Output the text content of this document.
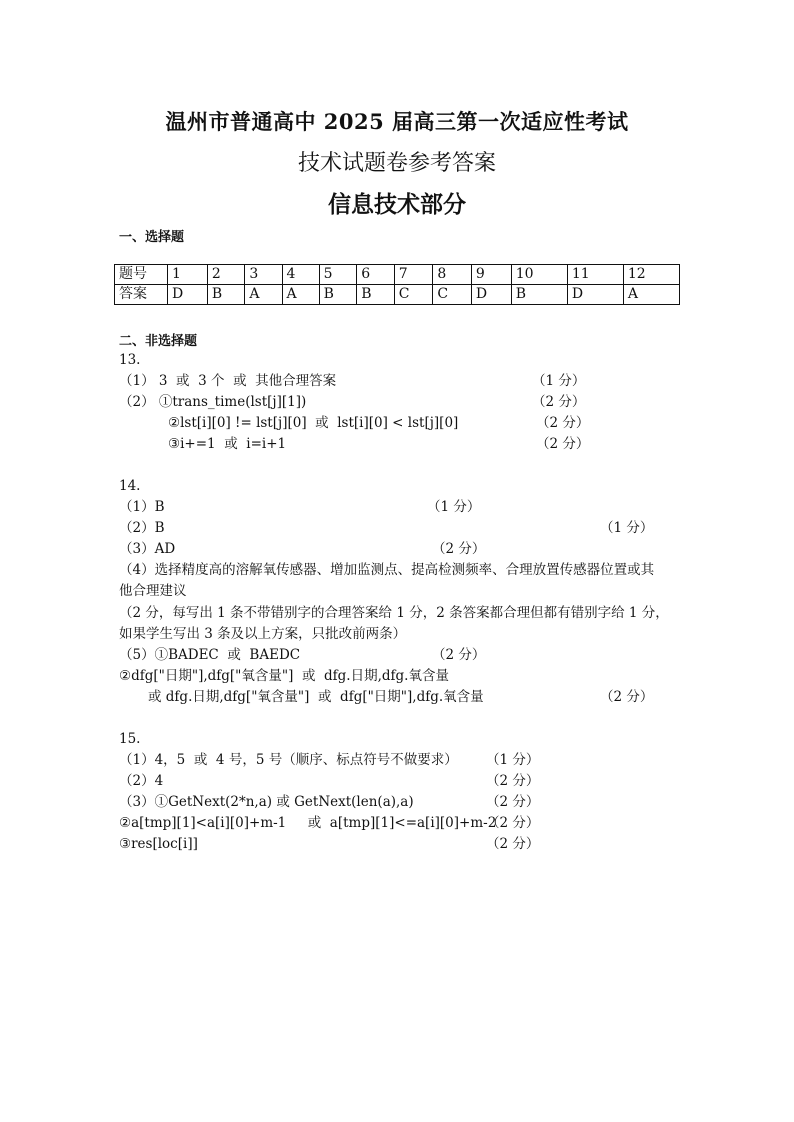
温州市普通高中 2025 届高三第一次适应性考试
技术试题卷参考答案
信息技术部分
一、选择题
题号	1	2	3	4	5	6	7	8	9	10	11	12
答案	D	B	A	A	B	B	C	C	D	B	D	A
二、非选择题
13.
（1） 3  或  3 个  或  其他合理答案	（1 分）
（2） ①trans_time(lst[j][1])	（2 分）
②lst[i][0] != lst[j][0]  或  lst[i][0] < lst[j][0]	（2 分）
③i+=1  或  i=i+1	（2 分）
14.
（1）B	（1 分）
（2）B	（1 分）
（3）AD	（2 分）
（4）选择精度高的溶解氧传感器、增加监测点、提高检测频率、合理放置传感器位置或其
他合理建议
（2 分，每写出 1 条不带错别字的合理答案给 1 分，2 条答案都合理但都有错别字给 1 分，
如果学生写出 3 条及以上方案，只批改前两条）
（5）①BADEC  或  BAEDC	（2 分）
②dfg["日期"],dfg["氧含量"]  或  dfg.日期,dfg.氧含量
或 dfg.日期,dfg["氧含量"]  或  dfg["日期"],dfg.氧含量	（2 分）
15.
（1）4，5  或  4 号，5 号（顺序、标点符号不做要求） （1 分）
（2）4	（2 分）
（3）①GetNext(2*n,a) 或 GetNext(len(a),a)	（2 分）
②a[tmp][1]<a[i][0]+m-1     或  a[tmp][1]<=a[i][0]+m-2
（2 分）
③res[loc[i]]	（2 分）
